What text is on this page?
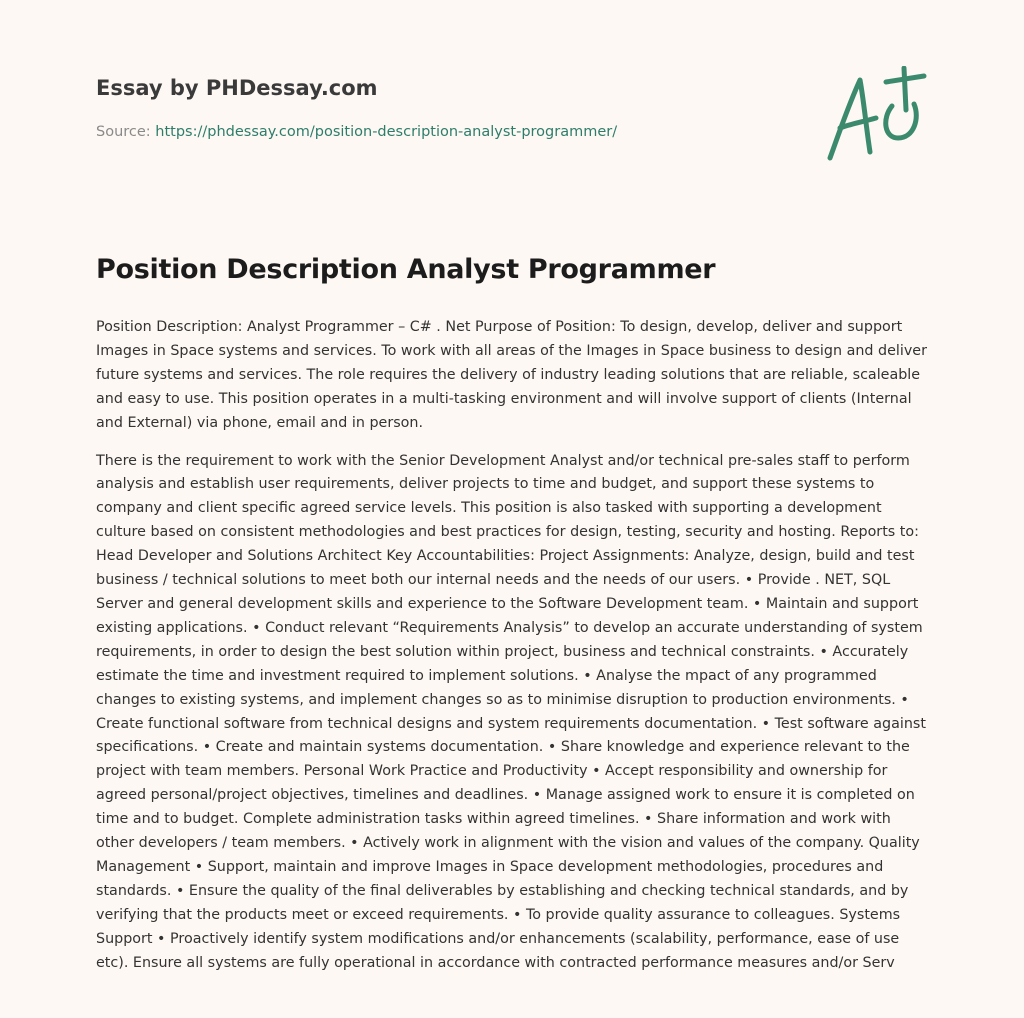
Essay by PHDessay.com
Source: https://phdessay.com/position-description-analyst-programmer/
Position Description Analyst Programmer

Position Description: Analyst Programmer – C# . Net Purpose of Position: To design, develop, deliver and support Images in Space systems and services. To work with all areas of the Images in Space business to design and deliver future systems and services. The role requires the delivery of industry leading solutions that are reliable, scaleable and easy to use. This position operates in a multi-tasking environment and will involve support of clients (Internal and External) via phone, email and in person.

There is the requirement to work with the Senior Development Analyst and/or technical pre-sales staff to perform analysis and establish user requirements, deliver projects to time and budget, and support these systems to company and client specific agreed service levels. This position is also tasked with supporting a development culture based on consistent methodologies and best practices for design, testing, security and hosting. Reports to: Head Developer and Solutions Architect Key Accountabilities: Project Assignments: Analyze, design, build and test business / technical solutions to meet both our internal needs and the needs of our users. • Provide . NET, SQL Server and general development skills and experience to the Software Development team. • Maintain and support existing applications. • Conduct relevant “Requirements Analysis” to develop an accurate understanding of system requirements, in order to design the best solution within project, business and technical constraints. • Accurately estimate the time and investment required to implement solutions. • Analyse the mpact of any programmed changes to existing systems, and implement changes so as to minimise disruption to production environments. • Create functional software from technical designs and system requirements documentation. • Test software against specifications. • Create and maintain systems documentation. • Share knowledge and experience relevant to the project with team members. Personal Work Practice and Productivity • Accept responsibility and ownership for agreed personal/project objectives, timelines and deadlines. • Manage assigned work to ensure it is completed on time and to budget. Complete administration tasks within agreed timelines. • Share information and work with other developers / team members. • Actively work in alignment with the vision and values of the company. Quality Management • Support, maintain and improve Images in Space development methodologies, procedures and standards. • Ensure the quality of the final deliverables by establishing and checking technical standards, and by verifying that the products meet or exceed requirements. • To provide quality assurance to colleagues. Systems Support • Proactively identify system modifications and/or enhancements (scalability, performance, ease of use etc). Ensure all systems are fully operational in accordance with contracted performance measures and/or Serv
